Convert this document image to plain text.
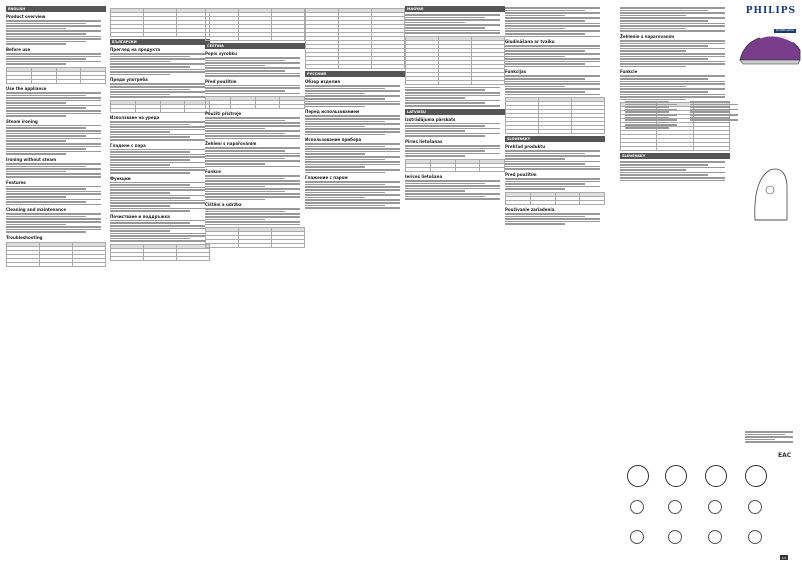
ENGLISH
Product overview
Before use

Use the appliance
Steam ironing
Ironing without steam
Features
Cleaning and maintenance
Troubleshooting

БЪЛГАРСКИ
Преглед на продукта
Преди употреба

Използване на уреда
Гладене с пара
Функции
Почистване и поддръжка

ČEŠTINA
Popis výrobku
Před použitím

Použití přístroje
Žehlení s napařováním
Funkce
Čištění a údržba

РУССКИЙ
Обзор изделия
Перед использованием
Использование прибора
Глажение с паром
MAGYAR

LATVIEŠU
Izstrādājuma pārskats
Pirms lietošanas

Ierīces lietošana
Gludināšana ar tvaiku
Funkcijas

SLOVENSKY
Prehľad produktu
Pred použitím

Používanie zariadenia
Žehlenie s naparovaním
Funkcie

SLOVENSKY
PHILIPS
GC3920 series
EAC
1/2
